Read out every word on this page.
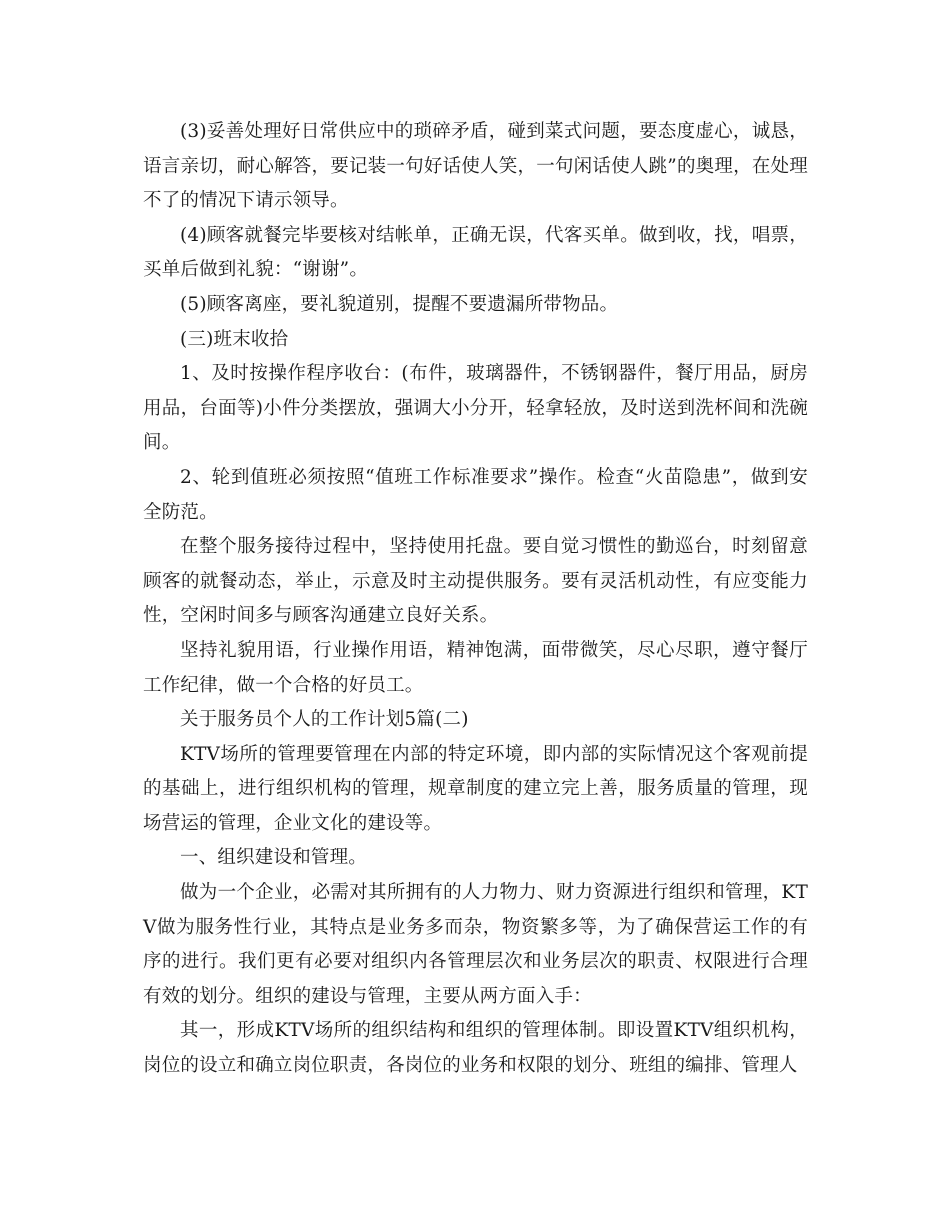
(3)妥善处理好日常供应中的琐碎矛盾，碰到菜式问题，要态度虚心，诚恳，语言亲切，耐心解答，要记装一句好话使人笑，一句闲话使人跳”的奥理，在处理不了的情况下请示领导。

(4)顾客就餐完毕要核对结帐单，正确无误，代客买单。做到收，找，唱票，买单后做到礼貌：“谢谢”。

(5)顾客离座，要礼貌道别，提醒不要遗漏所带物品。

(三)班末收拾

1、及时按操作程序收台：(布件，玻璃器件，不锈钢器件，餐厅用品，厨房用品，台面等)小件分类摆放，强调大小分开，轻拿轻放，及时送到洗杯间和洗碗间。

2、轮到值班必须按照“值班工作标准要求”操作。检查“火苗隐患”，做到安全防范。

在整个服务接待过程中，坚持使用托盘。要自觉习惯性的勤巡台，时刻留意顾客的就餐动态，举止，示意及时主动提供服务。要有灵活机动性，有应变能力性，空闲时间多与顾客沟通建立良好关系。

坚持礼貌用语，行业操作用语，精神饱满，面带微笑，尽心尽职，遵守餐厅工作纪律，做一个合格的好员工。

关于服务员个人的工作计划5篇(二)

KTV场所的管理要管理在内部的特定环境，即内部的实际情况这个客观前提的基础上，进行组织机构的管理，规章制度的建立完上善，服务质量的管理，现场营运的管理，企业文化的建设等。

一、组织建设和管理。

做为一个企业，必需对其所拥有的人力物力、财力资源进行组织和管理，KTV做为服务性行业，其特点是业务多而杂，物资繁多等，为了确保营运工作的有序的进行。我们更有必要对组织内各管理层次和业务层次的职责、权限进行合理有效的划分。组织的建设与管理，主要从两方面入手：

其一，形成KTV场所的组织结构和组织的管理体制。即设置KTV组织机构，岗位的设立和确立岗位职责，各岗位的业务和权限的划分、班组的编排、管理人
